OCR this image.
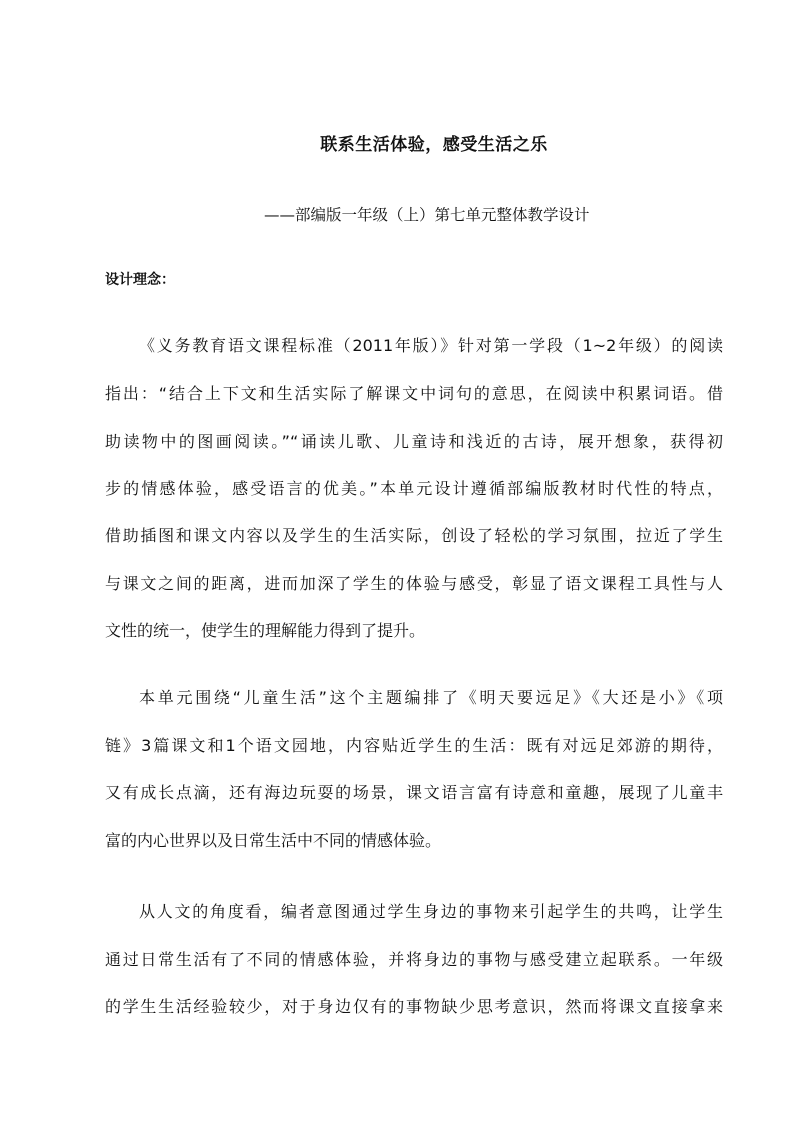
联系生活体验，感受生活之乐
——部编版一年级（上）第七单元整体教学设计
设计理念：
《义务教育语文课程标准（2011年版）》针对第一学段（1~2年级）的阅读
指出：“结合上下文和生活实际了解课文中词句的意思，在阅读中积累词语。借
助读物中的图画阅读。”“诵读儿歌、儿童诗和浅近的古诗，展开想象，获得初
步的情感体验，感受语言的优美。”本单元设计遵循部编版教材时代性的特点，
借助插图和课文内容以及学生的生活实际，创设了轻松的学习氛围，拉近了学生
与课文之间的距离，进而加深了学生的体验与感受，彰显了语文课程工具性与人
文性的统一，使学生的理解能力得到了提升。
本单元围绕“儿童生活”这个主题编排了《明天要远足》《大还是小》《项
链》3篇课文和1个语文园地，内容贴近学生的生活：既有对远足郊游的期待，
又有成长点滴，还有海边玩耍的场景，课文语言富有诗意和童趣，展现了儿童丰
富的内心世界以及日常生活中不同的情感体验。
从人文的角度看，编者意图通过学生身边的事物来引起学生的共鸣，让学生
通过日常生活有了不同的情感体验，并将身边的事物与感受建立起联系。一年级
的学生生活经验较少，对于身边仅有的事物缺少思考意识，然而将课文直接拿来
